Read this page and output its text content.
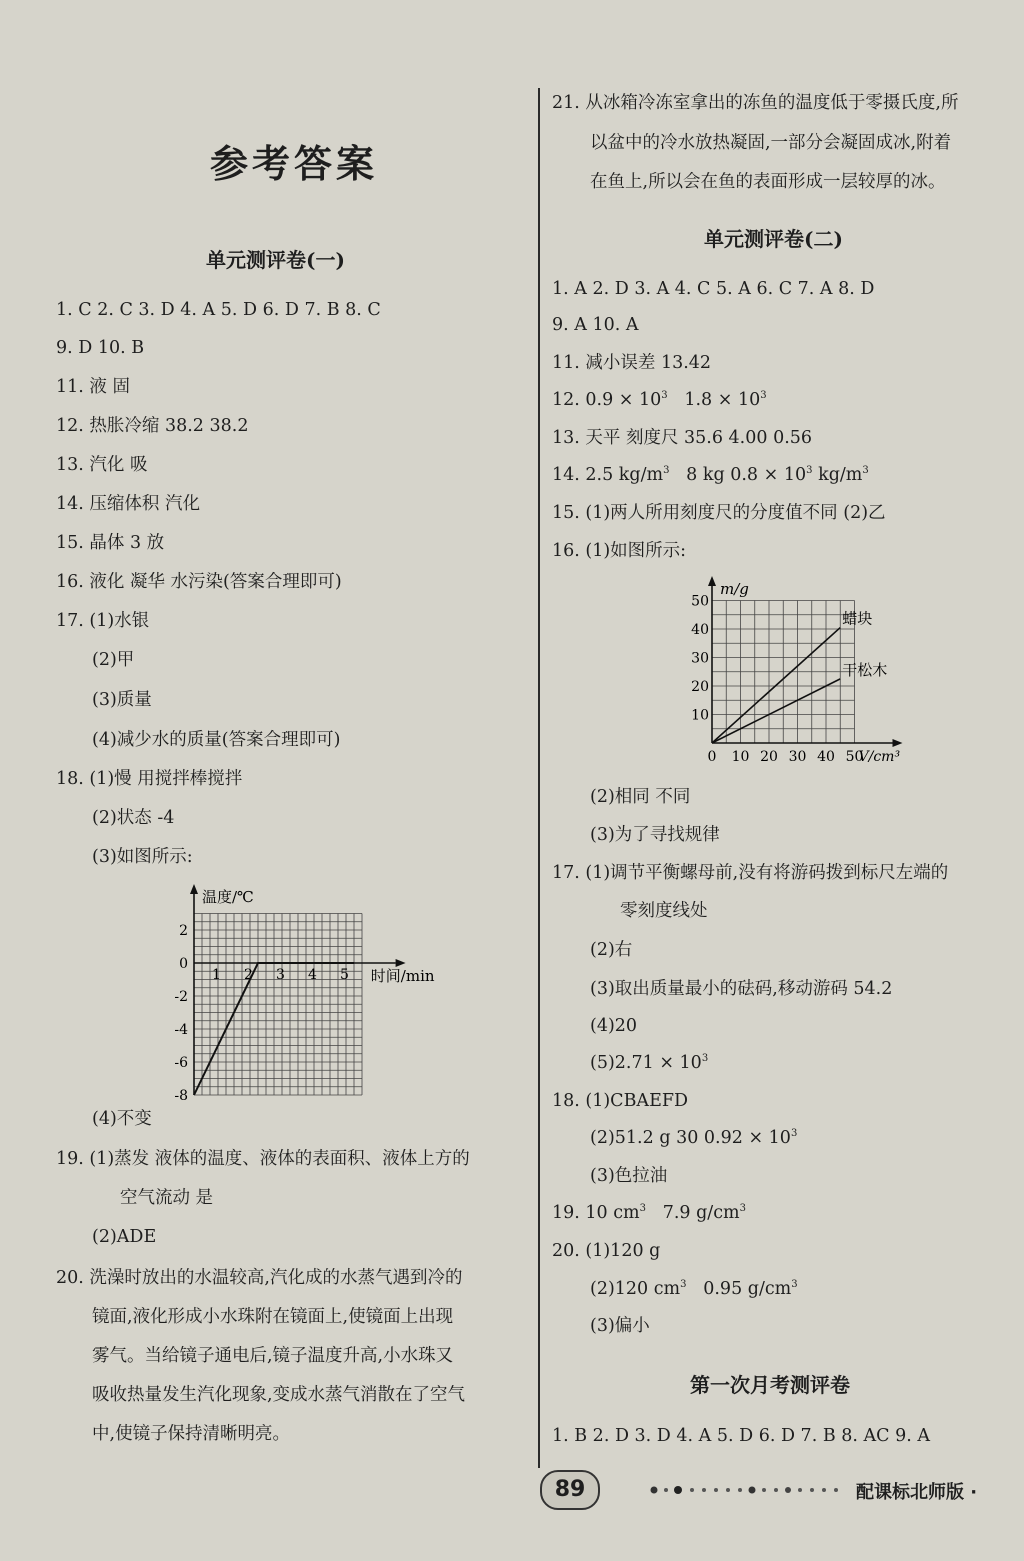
参考答案
单元测评卷(一)

1. C 2. C 3. D 4. A 5. D 6. D 7. B 8. C

9. D 10. B

11. 液 固

12. 热胀冷缩 38.2 38.2

13. 汽化 吸

14. 压缩体积 汽化

15. 晶体 3 放

16. 液化 凝华 水污染(答案合理即可)

17. (1)水银

(2)甲

(3)质量

(4)减少水的质量(答案合理即可)

18. (1)慢 用搅拌棒搅拌

(2)状态 -4

(3)如图所示:

温度/℃
时间/min
1 2 3 4 5
2
0
-2
-4
-6
-8

(4)不变

19. (1)蒸发 液体的温度、液体的表面积、液体上方的

空气流动 是

(2)ADE

20. 洗澡时放出的水温较高,汽化成的水蒸气遇到冷的

镜面,液化形成小水珠附在镜面上,使镜面上出现

雾气。当给镜子通电后,镜子温度升高,小水珠又

吸收热量发生汽化现象,变成水蒸气消散在了空气

中,使镜子保持清晰明亮。

21. 从冰箱冷冻室拿出的冻鱼的温度低于零摄氏度,所

以盆中的冷水放热凝固,一部分会凝固成冰,附着

在鱼上,所以会在鱼的表面形成一层较厚的冰。

单元测评卷(二)

1. A 2. D 3. A 4. C 5. A 6. C 7. A 8. D

9. A 10. A

11. 减小误差 13.42

12. $0.9 \times 10^3$ $1.8 \times 10^3$

13. 天平 刻度尺 35.6 4.00 0.56

14. 2.5 $kg/m^3$ 8 kg $0.8 \times 10^3$ $kg/m^3$

15. (1)两人所用刻度尺的分度值不同 (2)乙

16. (1)如图所示:

m/g
V/cm³
0 10 20 30 40 50
10
20
30
40
50
蜡块
干松木

(2)相同 不同

(3)为了寻找规律

17. (1)调节平衡螺母前,没有将游码拨到标尺左端的

零刻度线处

(2)右

(3)取出质量最小的砝码,移动游码 54.2

(4)20

$(5)2.71 \times 10^3$

18. (1)CBAEFD

(2)51.2 g 30 $0.92 \times 10^3$

(3)色拉油

19. 10 $cm^3$ 7.9 $g/cm^3$

20. (1)120 g

(2)120 $cm^3$ 0.95 $g/cm^3$

(3)偏小

第一次月考测评卷

1. B 2. D 3. D 4. A 5. D 6. D 7. B 8. AC 9. A

89	配课标北师版 ·
